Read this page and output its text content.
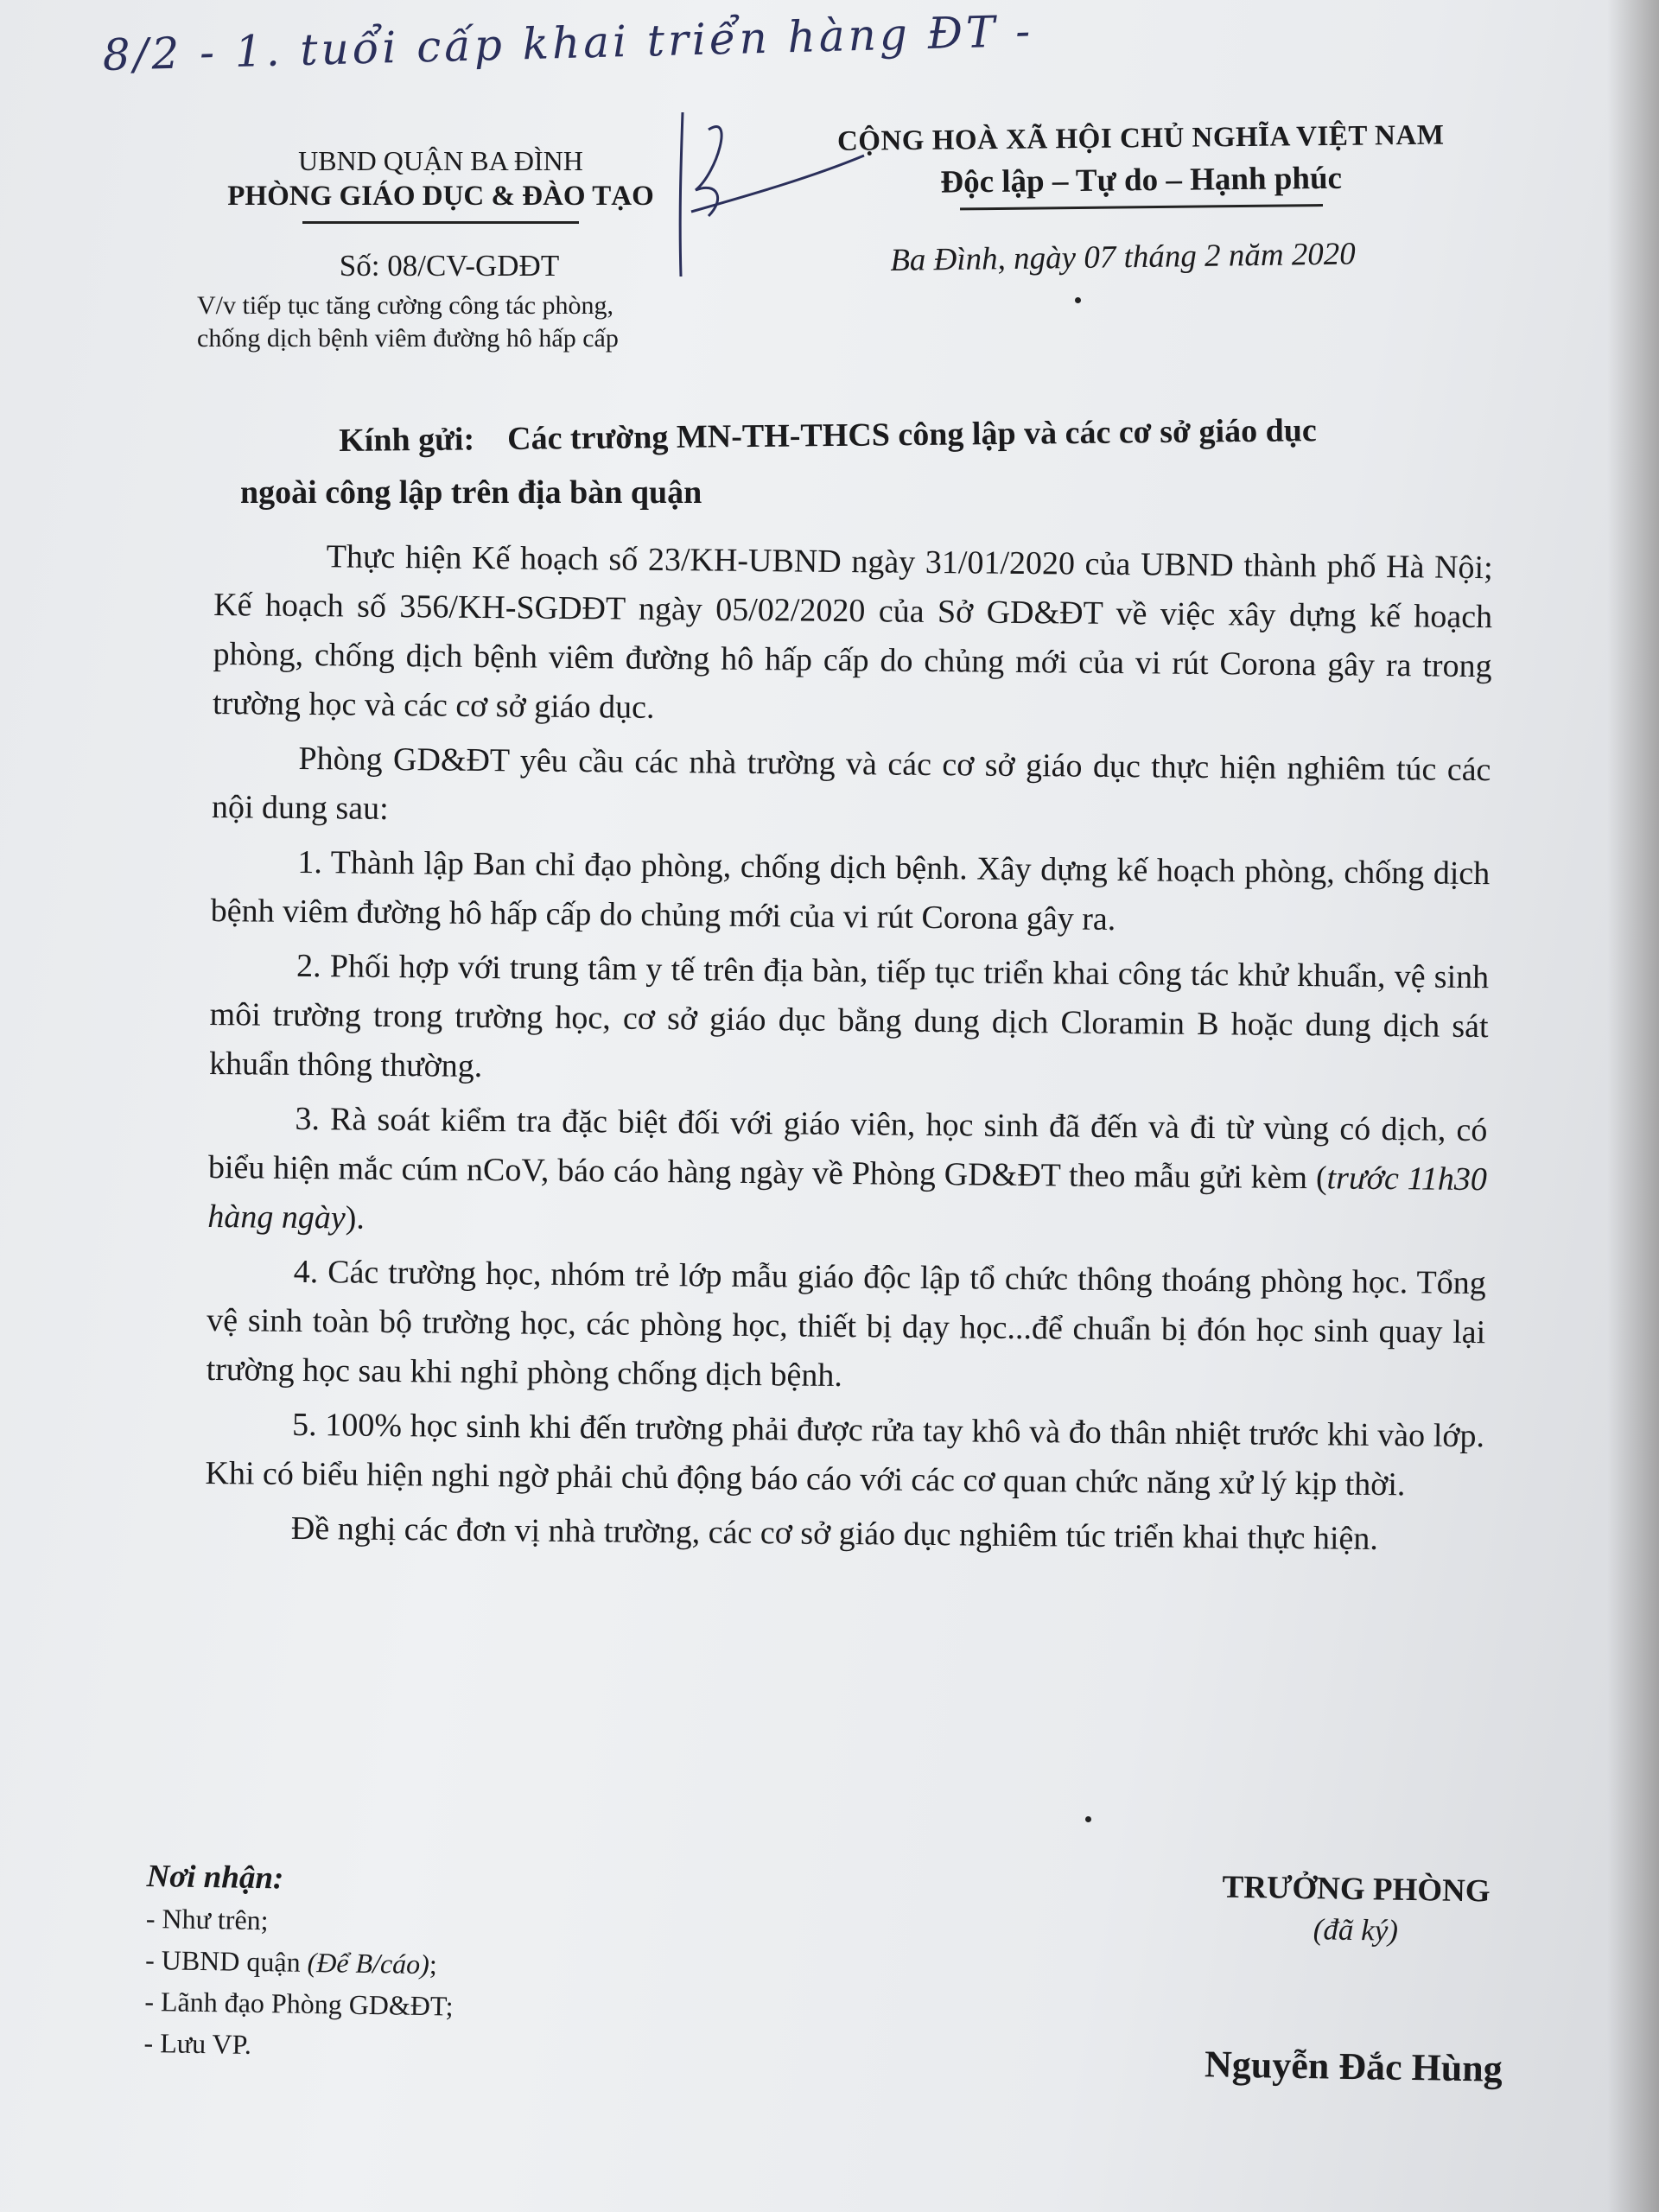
8/2 - 1. tuổi cấp khai triển hàng ĐT -
UBND QUẬN BA ĐÌNH
PHÒNG GIÁO DỤC & ĐÀO TẠO
CỘNG HOÀ XÃ HỘI CHỦ NGHĨA VIỆT NAM
Độc lập – Tự do – Hạnh phúc
Số: 08/CV-GDĐT
V/v tiếp tục tăng cường công tác phòng,
chống dịch bệnh viêm đường hô hấp cấp
Ba Đình, ngày 07 tháng 2 năm 2020
Kính gửi: Các trường MN-TH-THCS công lập và các cơ sở giáo dục
ngoài công lập trên địa bàn quận

Thực hiện Kế hoạch số 23/KH-UBND ngày 31/01/2020 của UBND thành phố Hà Nội; Kế hoạch số 356/KH-SGDĐT ngày 05/02/2020 của Sở GD&ĐT về việc xây dựng kế hoạch phòng, chống dịch bệnh viêm đường hô hấp cấp do chủng mới của vi rút Corona gây ra trong trường học và các cơ sở giáo dục.

Phòng GD&ĐT yêu cầu các nhà trường và các cơ sở giáo dục thực hiện nghiêm túc các nội dung sau:

1. Thành lập Ban chỉ đạo phòng, chống dịch bệnh. Xây dựng kế hoạch phòng, chống dịch bệnh viêm đường hô hấp cấp do chủng mới của vi rút Corona gây ra.

2. Phối hợp với trung tâm y tế trên địa bàn, tiếp tục triển khai công tác khử khuẩn, vệ sinh môi trường trong trường học, cơ sở giáo dục bằng dung dịch Cloramin B hoặc dung dịch sát khuẩn thông thường.

3. Rà soát kiểm tra đặc biệt đối với giáo viên, học sinh đã đến và đi từ vùng có dịch, có biểu hiện mắc cúm nCoV, báo cáo hàng ngày về Phòng GD&ĐT theo mẫu gửi kèm (trước 11h30 hàng ngày).

4. Các trường học, nhóm trẻ lớp mẫu giáo độc lập tổ chức thông thoáng phòng học. Tổng vệ sinh toàn bộ trường học, các phòng học, thiết bị dạy học...để chuẩn bị đón học sinh quay lại trường học sau khi nghỉ phòng chống dịch bệnh.

5. 100% học sinh khi đến trường phải được rửa tay khô và đo thân nhiệt trước khi vào lớp. Khi có biểu hiện nghi ngờ phải chủ động báo cáo với các cơ quan chức năng xử lý kịp thời.

Đề nghị các đơn vị nhà trường, các cơ sở giáo dục nghiêm túc triển khai thực hiện.

Nơi nhận:
- Như trên;
- UBND quận (Để B/cáo);
- Lãnh đạo Phòng GD&ĐT;
- Lưu VP.
TRƯỞNG PHÒNG
(đã ký)
Nguyễn Đắc Hùng
